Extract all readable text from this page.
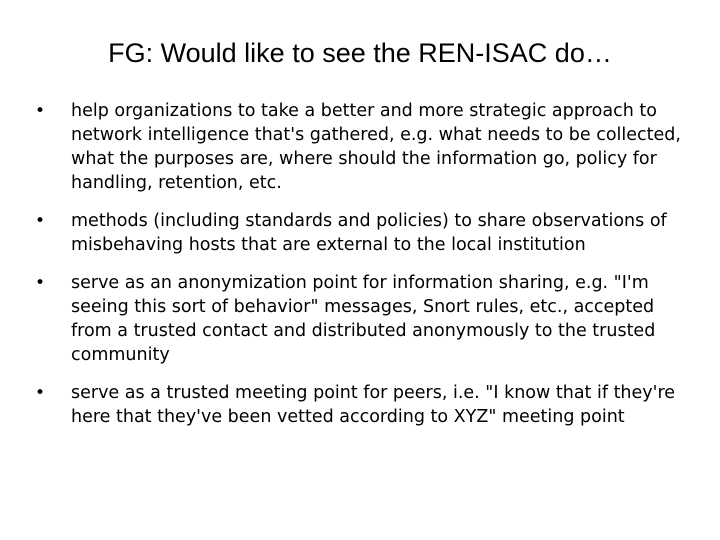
FG: Would like to see the REN-ISAC do…
•	help organizations to take a better and more strategic approach to network intelligence that's gathered, e.g. what needs to be collected, what the purposes are, where should the information go, policy for handling, retention, etc.
•	methods (including standards and policies) to share observations of misbehaving hosts that are external to the local institution
•	serve as an anonymization point for information sharing, e.g. "I'm seeing this sort of behavior" messages, Snort rules, etc., accepted from a trusted contact and distributed anonymously to the trusted community
•	serve as a trusted meeting point for peers, i.e. "I know that if they're here that they've been vetted according to XYZ" meeting point
